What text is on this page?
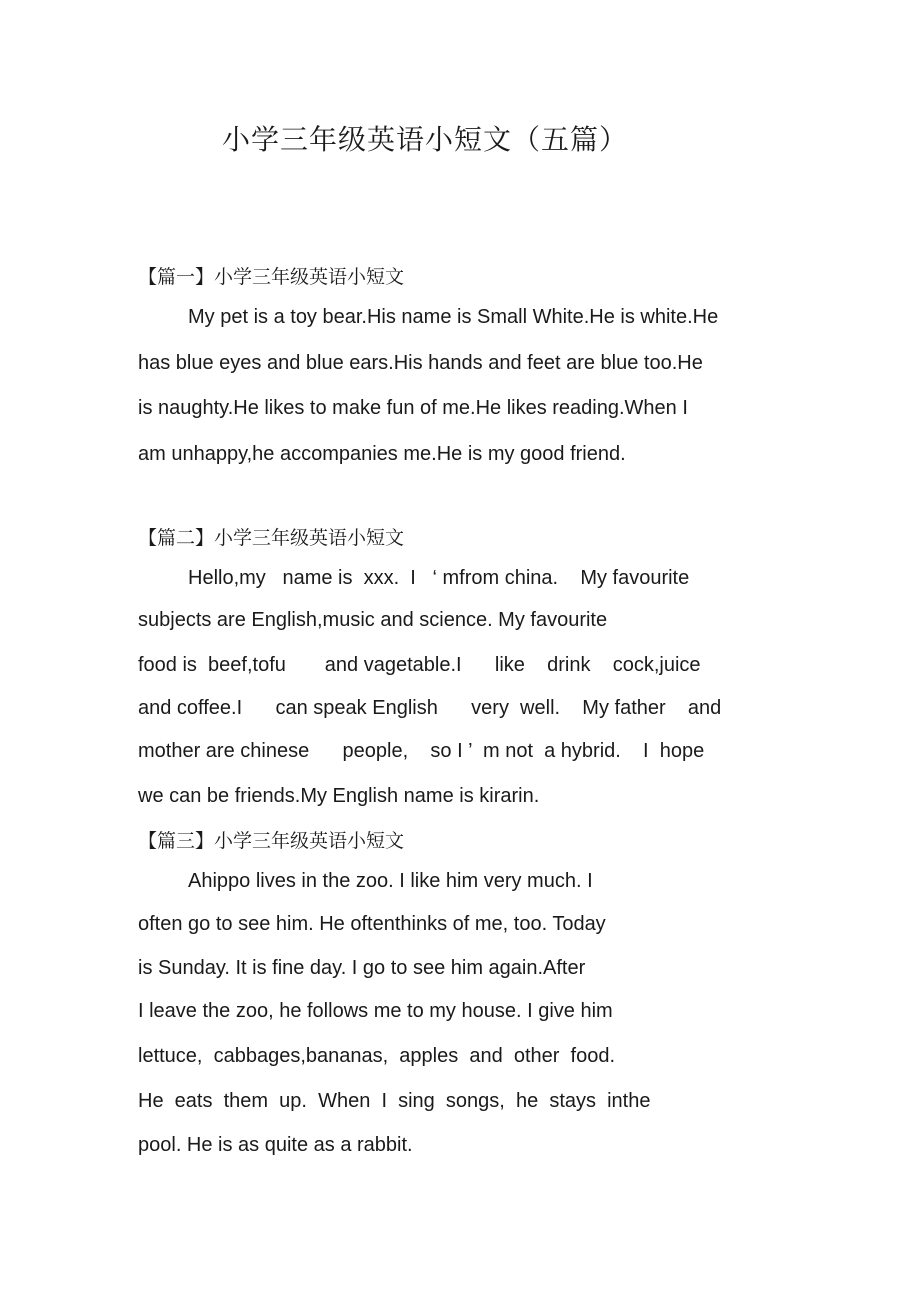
小学三年级英语小短文（五篇）
【篇一】小学三年级英语小短文
My pet is a toy bear.His name is Small White.He is white.He
has blue eyes and blue ears.His hands and feet are blue too.He
is naughty.He likes to make fun of me.He likes reading.When I
am unhappy,he accompanies me.He is my good friend.
【篇二】小学三年级英语小短文
Hello,my   name is  xxx.  I   ‘ mfrom china.    My favourite
subjects are English,music and science. My favourite
food is  beef,tofu       and vagetable.I      like    drink    cock,juice
and coffee.I      can speak English      very  well.    My father    and
mother are chinese      people,    so I ’  m not  a hybrid.    I  hope
we can be friends.My English name is kirarin.
【篇三】小学三年级英语小短文
Ahippo lives in the zoo. I like him very much. I
often go to see him. He oftenthinks of me, too. Today
is Sunday. It is fine day. I go to see him again.After
I leave the zoo, he follows me to my house. I give him
lettuce,  cabbages,bananas,  apples  and  other  food.
He  eats  them  up.  When  I  sing  songs,  he  stays  inthe
pool. He is as quite as a rabbit.
